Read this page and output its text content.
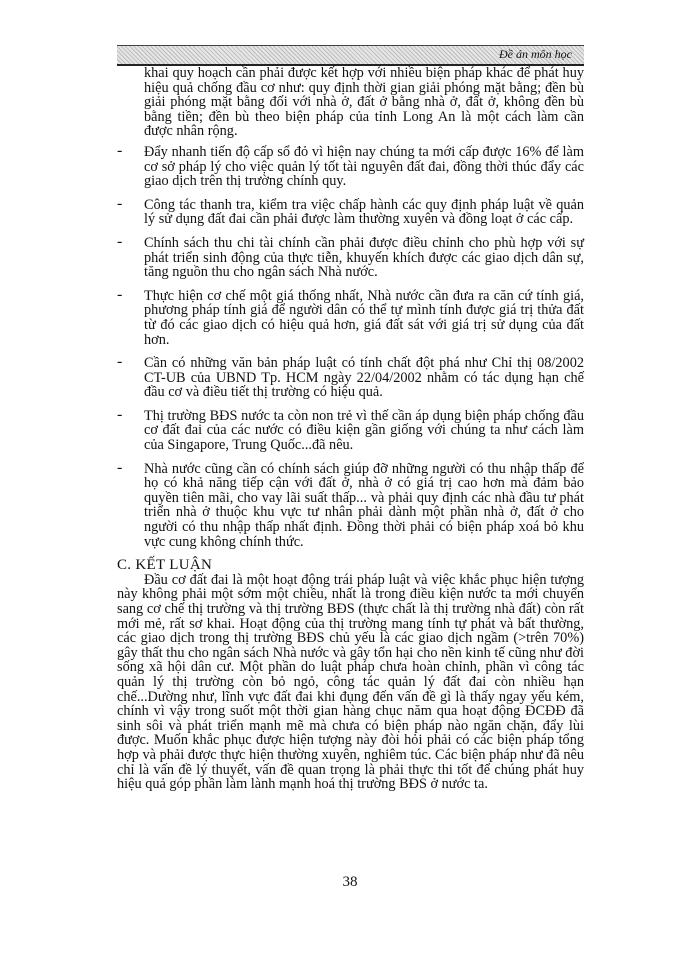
Đề án môn học

khai quy hoạch cần phải được kết hợp với nhiều biện pháp khác để phát huy hiệu quả chống đầu cơ như: quy định thời gian giải phóng mặt bằng; đền bù giải phóng mặt bằng đối với nhà ở, đất ở bằng nhà ở, đất ở, không đền bù bằng tiền; đền bù theo biện pháp của tỉnh Long An là một cách làm cần được nhân rộng.

-	Đẩy nhanh tiến độ cấp sổ đỏ vì hiện nay chúng ta mới cấp được 16% để làm cơ sở pháp lý cho việc quản lý tốt tài nguyên đất đai, đồng thời thúc đẩy các giao dịch trên thị trường chính quy.
-	Công tác thanh tra, kiểm tra việc chấp hành các quy định pháp luật về quản lý sử dụng đất đai cần phải được làm thường xuyên và đồng loạt ở các cấp.
-	Chính sách thu chi tài chính cần phải được điều chỉnh cho phù hợp với sự phát triển sinh động của thực tiễn, khuyến khích được các giao dịch dân sự, tăng nguồn thu cho ngân sách Nhà nước.
-	Thực hiện cơ chế một giá thống nhất, Nhà nước cần đưa ra căn cứ tính giá, phương pháp tính giá để người dân có thể tự mình tính được giá trị thửa đất từ đó các giao dịch có hiệu quả hơn, giá đất sát với giá trị sử dụng của đất hơn.
-	Cần có những văn bản pháp luật có tính chất đột phá như Chỉ thị 08/2002 CT-UB của UBND Tp. HCM ngày 22/04/2002 nhằm có tác dụng hạn chế đầu cơ và điều tiết thị trường có hiệu quả.
-	Thị trường BĐS nước ta còn non trẻ vì thế cần áp dụng biện pháp chống đầu cơ đất đai của các nước có điều kiện gần giống với chúng ta như cách làm của Singapore, Trung Quốc...đã nêu.
-	Nhà nước cũng cần có chính sách giúp đỡ những người có thu nhập thấp để họ có khả năng tiếp cận với đất ở, nhà ở có giá trị cao hơn mà đảm bảo quyền tiên mãi, cho vay lãi suất thấp... và phải quy định các nhà đầu tư phát triển nhà ở thuộc khu vực tư nhân phải dành một phần nhà ở, đất ở cho người có thu nhập thấp nhất định. Đồng thời phải có biện pháp xoá bỏ khu vực cung không chính thức.

C. KẾT LUẬN

Đầu cơ đất đai là một hoạt động trái pháp luật và việc khắc phục hiện tượng này không phải một sớm một chiều, nhất là trong điều kiện nước ta mới chuyển sang cơ chế thị trường và thị trường BĐS (thực chất là thị trường nhà đất) còn rất mới mẻ, rất sơ khai. Hoạt động của thị trường mang tính tự phát và bất thường, các giao dịch trong thị trường BĐS chủ yếu là các giao dịch ngầm (>trên 70%) gây thất thu cho ngân sách Nhà nước và gây tổn hại cho nền kinh tế cũng như đời sống xã hội dân cư. Một phần do luật pháp chưa hoàn chỉnh, phần vì công tác quản lý thị trường còn bỏ ngỏ, công tác quản lý đất đai còn nhiều hạn chế...Dường như, lĩnh vực đất đai khi đụng đến vấn đề gì là thấy ngay yếu kém, chính vì vậy trong suốt một thời gian hàng chục năm qua hoạt động ĐCĐĐ đã sinh sôi và phát triển mạnh mẽ mà chưa có biện pháp nào ngăn chặn, đẩy lùi được. Muốn khắc phục được hiện tượng này đòi hỏi phải có các biện pháp tổng hợp và phải được thực hiện thường xuyên, nghiêm túc. Các biện pháp như đã nêu chỉ là vấn đề lý thuyết, vấn đề quan trọng là phải thực thi tốt để chúng phát huy hiệu quả góp phần làm lành mạnh hoá thị trường BĐS ở nước ta.

38
